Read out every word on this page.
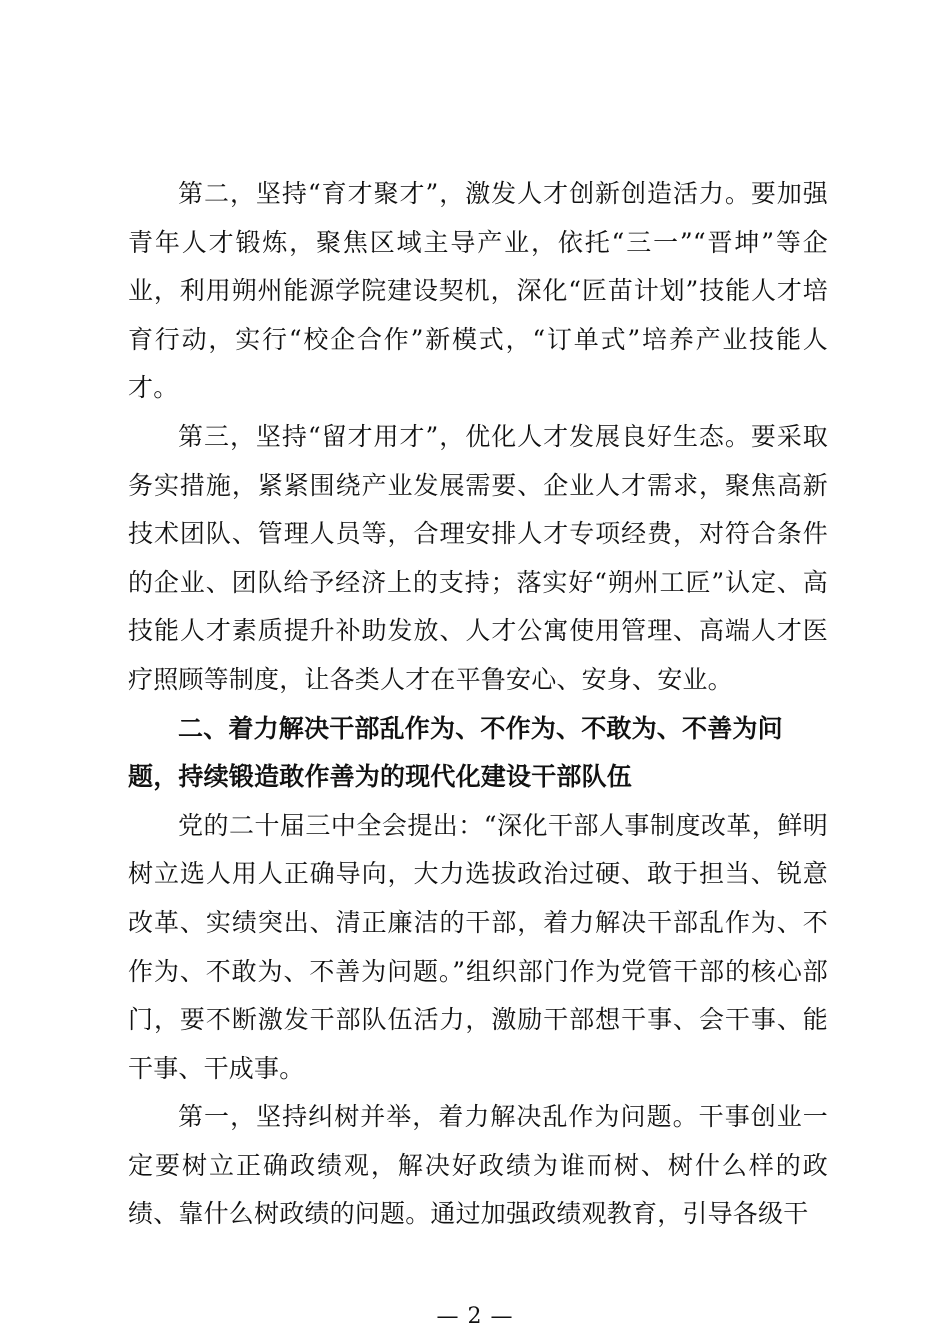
第二，坚持“育才聚才”，激发人才创新创造活力。要加强青年人才锻炼，聚焦区域主导产业，依托“三一”“晋坤”等企业，利用朔州能源学院建设契机，深化“匠苗计划”技能人才培育行动，实行“校企合作”新模式，“订单式”培养产业技能人才。

第三，坚持“留才用才”，优化人才发展良好生态。要采取务实措施，紧紧围绕产业发展需要、企业人才需求，聚焦高新技术团队、管理人员等，合理安排人才专项经费，对符合条件的企业、团队给予经济上的支持；落实好“朔州工匠”认定、高技能人才素质提升补助发放、人才公寓使用管理、高端人才医疗照顾等制度，让各类人才在平鲁安心、安身、安业。

二、着力解决干部乱作为、不作为、不敢为、不善为问题，持续锻造敢作善为的现代化建设干部队伍

党的二十届三中全会提出：“深化干部人事制度改革，鲜明树立选人用人正确导向，大力选拔政治过硬、敢于担当、锐意改革、实绩突出、清正廉洁的干部，着力解决干部乱作为、不作为、不敢为、不善为问题。”组织部门作为党管干部的核心部门，要不断激发干部队伍活力，激励干部想干事、会干事、能干事、干成事。

第一，坚持纠树并举，着力解决乱作为问题。干事创业一定要树立正确政绩观，解决好政绩为谁而树、树什么样的政绩、靠什么树政绩的问题。通过加强政绩观教育，引导各级干

— 2 —
